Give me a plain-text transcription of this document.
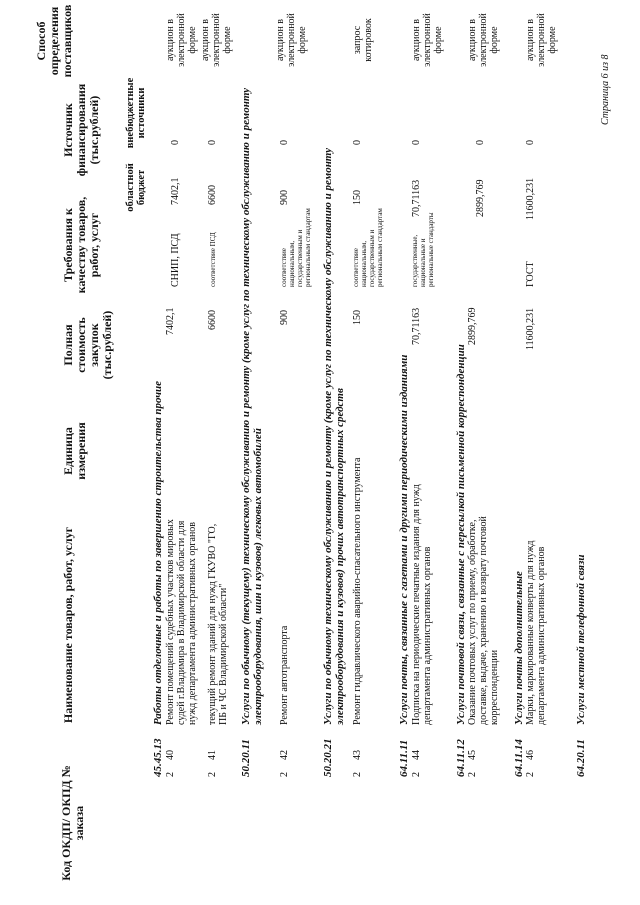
Код ОКДП/ ОКПД № заказа
Наименование товаров, работ, услуг
Единица измерения
Полная стоимость закупок (тыс.рублей)
Требования к качеству товаров, работ, услуг
Источник финансирования (тыс.рублей)
областной бюджет
внебюджетные источники
Способ определения поставщиков
45.45.13
Работы отделочные и работы по завершению строительства прочие
2
40
Ремонт помещений судебных участков мировых судей г.Владимира в Владимирской области для нужд департамента административных органов
7402,1
СНИП, ПСД
7402,1
0
аукцион в электронной форме
2
41
текущий ремонт зданий для нужд ГКУВО "ГО, ПБ и ЧС Владимирской области"
6600
соответствие ПСД
6600
0
аукцион в электронной форме
50.20.11
Услуги по обычному (текущему) техническому обслуживанию и ремонту (кроме услуг по техническому обслуживанию и ремонту электрооборудования, шин и кузовов) легковых автомобилей
2
42
Ремонт автотранспорта
900
соответствие национальным, государственным и региональным стандартам
900
0
аукцион в электронной форме
50.20.21
Услуги по обычному техническому обслуживанию и ремонту (кроме услуг по техническому обслуживанию и ремонту электрооборудования и кузовов) прочих автотранспортных средств
2
43
Ремонт гидравлического аварийно-спасательного инструмента
150
соответствие национальным, государственным и региональным стандартам
150
0
запрос котировок
64.11.11
Услуги почты, связанные с газетами и другими периодическими изданиями
2
44
Подписка на периодические печатные издания для нужд департамента административных органов
70,71163
государственные, национальные и региональные стандарты
70,71163
0
аукцион в электронной форме
64.11.12
Услуги почтовой связи, связанные с пересылкой письменной корреспонденции
2
45
Оказание почтовых услуг по приему, обработке, доставке, выдаче, хранению и возврату почтовой корреспонденции
2899,769
2899,769
0
аукцион в электронной форме
64.11.14
Услуги почты дополнительные
2
46
Марки, маркированные конверты для нужд департамента административных органов
11600,231
ГОСТ
11600,231
0
аукцион в электронной форме
64.20.11
Услуги местной телефонной связи
Страница 6 из 8
